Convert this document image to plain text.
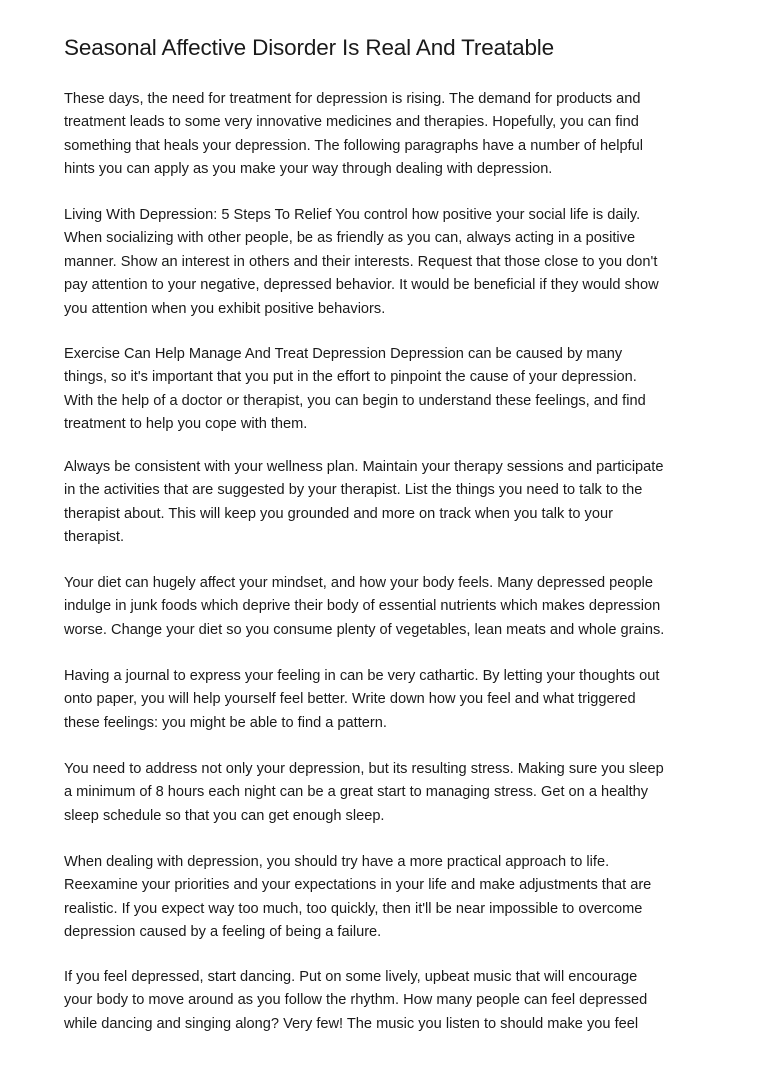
Seasonal Affective Disorder Is Real And Treatable

These days, the need for treatment for depression is rising. The demand for products and
treatment leads to some very innovative medicines and therapies. Hopefully, you can find
something that heals your depression. The following paragraphs have a number of helpful
hints you can apply as you make your way through dealing with depression.

Living With Depression: 5 Steps To Relief You control how positive your social life is daily.
When socializing with other people, be as friendly as you can, always acting in a positive
manner. Show an interest in others and their interests. Request that those close to you don't
pay attention to your negative, depressed behavior. It would be beneficial if they would show
you attention when you exhibit positive behaviors.

Exercise Can Help Manage And Treat Depression Depression can be caused by many
things, so it's important that you put in the effort to pinpoint the cause of your depression.
With the help of a doctor or therapist, you can begin to understand these feelings, and find
treatment to help you cope with them.

Always be consistent with your wellness plan. Maintain your therapy sessions and participate
in the activities that are suggested by your therapist. List the things you need to talk to the
therapist about. This will keep you grounded and more on track when you talk to your
therapist.

Your diet can hugely affect your mindset, and how your body feels. Many depressed people
indulge in junk foods which deprive their body of essential nutrients which makes depression
worse. Change your diet so you consume plenty of vegetables, lean meats and whole grains.

Having a journal to express your feeling in can be very cathartic. By letting your thoughts out
onto paper, you will help yourself feel better. Write down how you feel and what triggered
these feelings: you might be able to find a pattern.

You need to address not only your depression, but its resulting stress. Making sure you sleep
a minimum of 8 hours each night can be a great start to managing stress. Get on a healthy
sleep schedule so that you can get enough sleep.

When dealing with depression, you should try have a more practical approach to life.
Reexamine your priorities and your expectations in your life and make adjustments that are
realistic. If you expect way too much, too quickly, then it'll be near impossible to overcome
depression caused by a feeling of being a failure.

If you feel depressed, start dancing. Put on some lively, upbeat music that will encourage
your body to move around as you follow the rhythm. How many people can feel depressed
while dancing and singing along? Very few! The music you listen to should make you feel
